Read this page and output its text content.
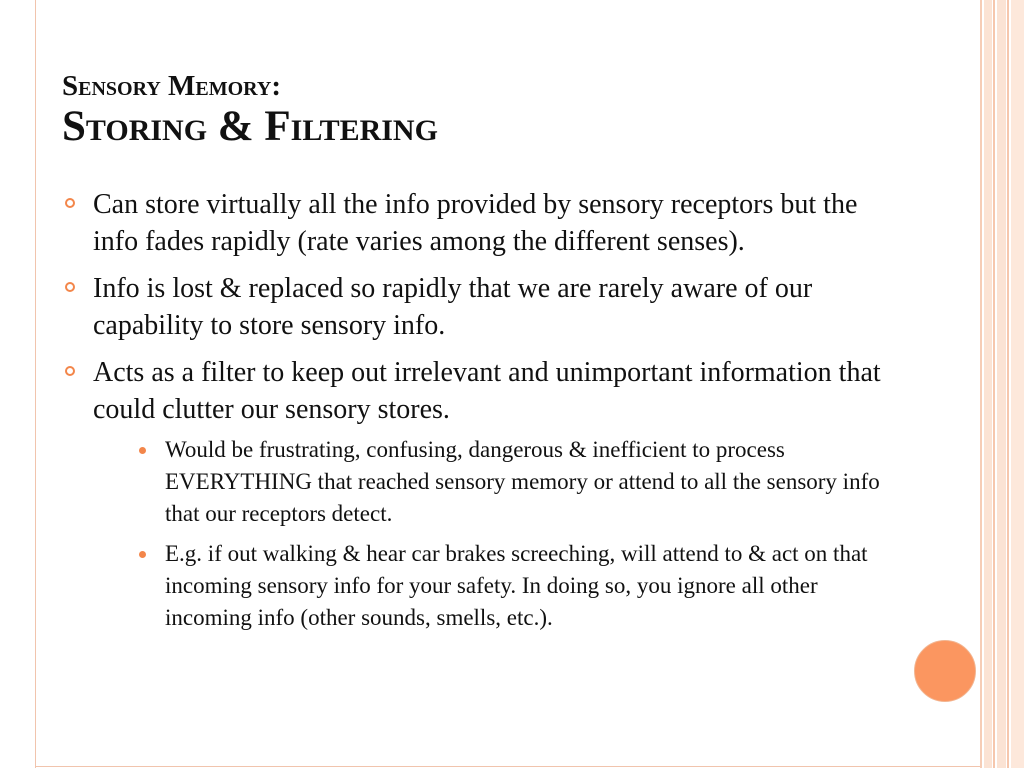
Sensory Memory:
Storing & Filtering
Can store virtually all the info provided by sensory receptors but the info fades rapidly (rate varies among the different senses).
Info is lost & replaced so rapidly that we are rarely aware of our capability to store sensory info.
Acts as a filter to keep out irrelevant and unimportant information that could clutter our sensory stores.
Would be frustrating, confusing, dangerous & inefficient to process EVERYTHING that reached sensory memory or attend to all the sensory info that our receptors detect.
E.g. if out walking & hear car brakes screeching, will attend to & act on that incoming sensory info for your safety. In doing so, you ignore all other incoming info (other sounds, smells, etc.).
